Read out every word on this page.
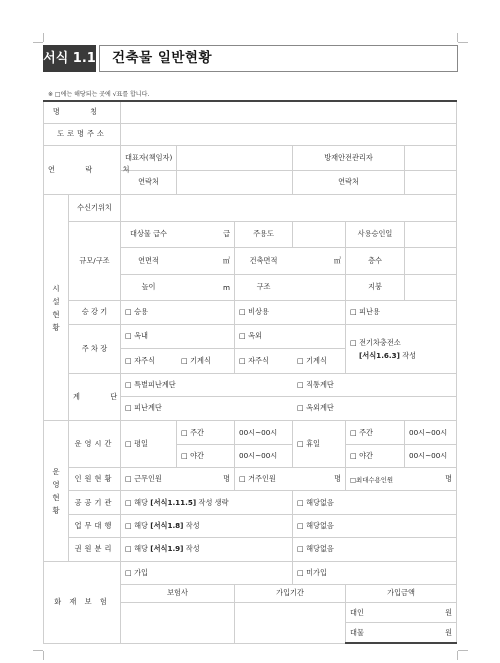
서식 1.1 건축물 일반현황
※ □에는 해당되는 곳에 √표를 합니다.
명 칭							
도로명주소							
연 락 처		대표자(책임자)			방재안전관리자		
		연락처			연락처		
시
설
현
황	수신기위치						
	규모/구조	대상물 급수	급	주용도		사용승인일	
		연면적	㎡	건축면적	㎡	층수	
		높이	m	구조		지붕	
	승 강 기	□ 승용		□ 비상용		□ 피난용	
	주 차 장	□ 옥내		□ 옥외		□ 전기차충전소
[서식1.6.3] 작성	
		□ 자주식	□ 기계식	□ 자주식	□ 기계식		
	계 단	□ 특별피난계단 □ 직통계단
□ 피난계단 □ 옥외계단					

운
영
현
황	운영시간	□ 평일	□ 주간	00시~00시	□ 휴일	□ 주간	00시~00시
			□ 야간	00시~00시		□ 야간	00시~00시
	인원현황	□ 근무인원	명	□ 거주인원	명	□최대수용인원	명
	공공기관	□ 해당 [서식1.11.5] 작성 생략			□ 해당없음		
	업무대행	□ 해당 [서식1.8] 작성			□ 해당없음		
	권원분리	□ 해당 [서식1.9] 작성			□ 해당없음		
화 재 보 험		□ 가입			□ 미가입		
		보험사		가입기간		가입금액	
						대인	원
						대물	원
